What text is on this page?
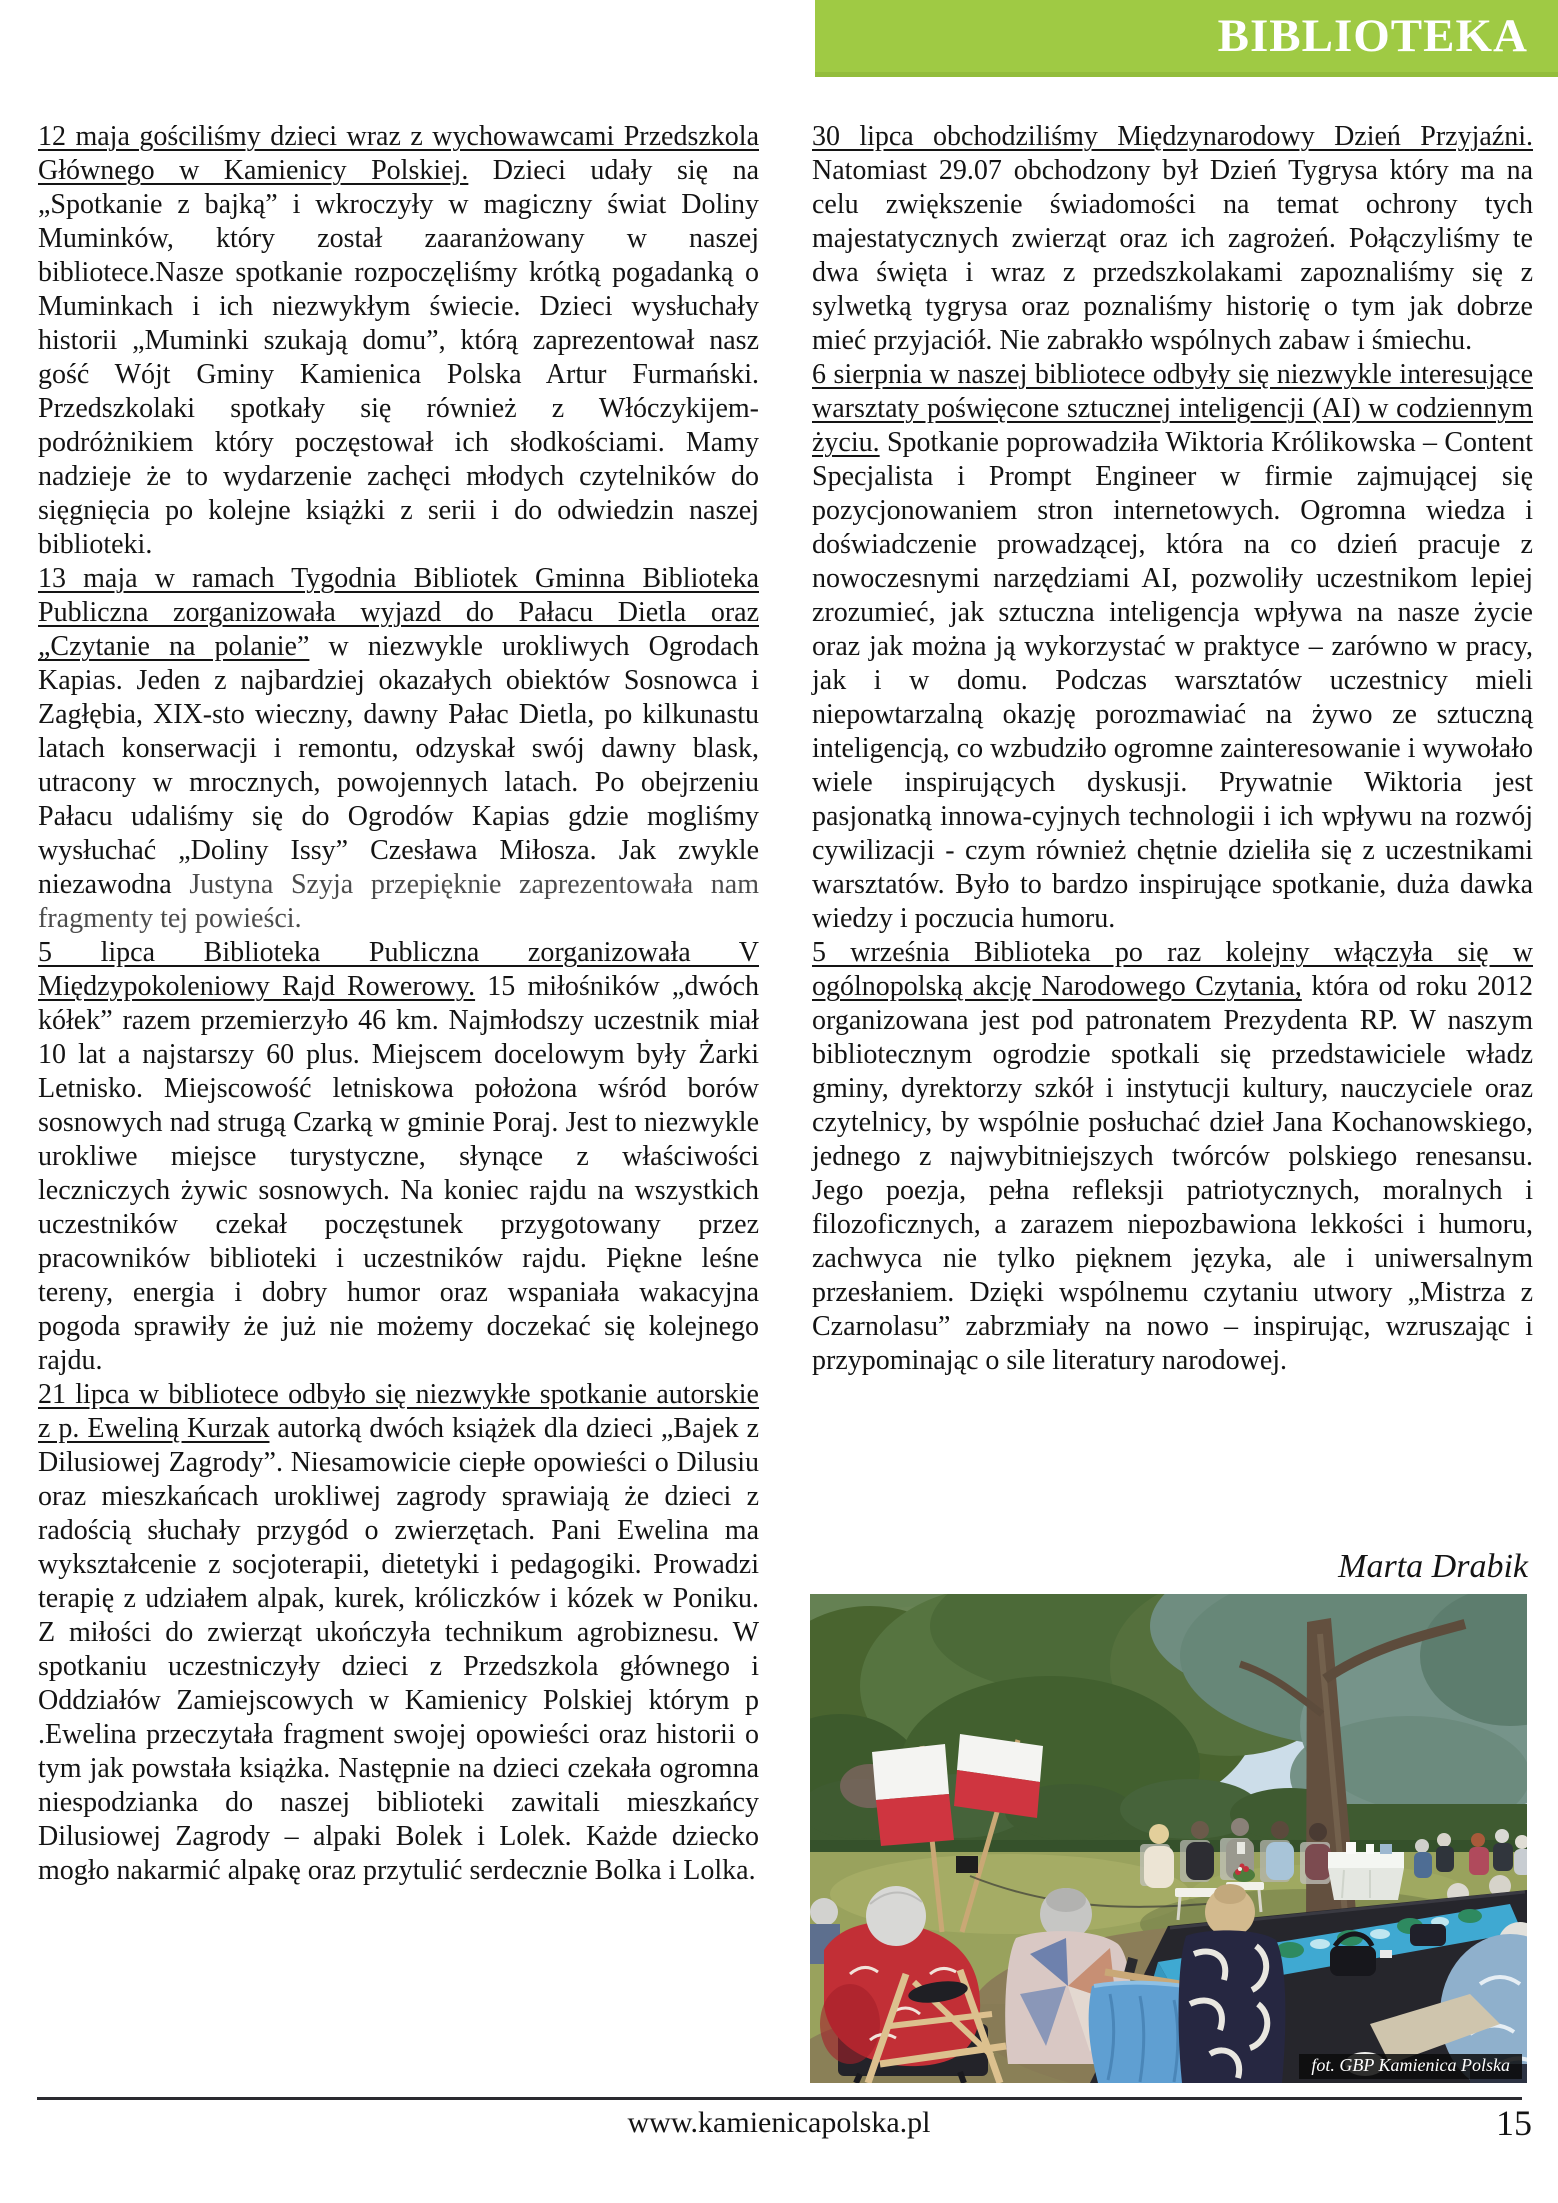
BIBLIOTEKA

12 maja gościliśmy dzieci wraz z wychowawcami Przedszkola Głównego w Kamienicy Polskiej. Dzieci udały się na „Spotkanie z bajką” i wkroczyły w magiczny świat Doliny Muminków, który został zaaranżowany w naszej bibliotece.Nasze spotkanie rozpoczęliśmy krótką pogadanką o Muminkach i ich niezwykłym świecie. Dzieci wysłuchały historii „Muminki szukają domu”, którą zaprezentował nasz gość Wójt Gminy Kamienica Polska Artur Furmański. Przedszkolaki spotkały się również z Włóczykijem- podróżnikiem który poczęstował ich słodkościami. Mamy nadzieje że to wydarzenie zachęci młodych czytelników do sięgnięcia po kolejne książki z serii i do odwiedzin naszej biblioteki.

13 maja w ramach Tygodnia Bibliotek Gminna Biblioteka Publiczna zorganizowała wyjazd do Pałacu Dietla oraz „Czytanie na polanie” w niezwykle urokliwych Ogrodach Kapias. Jeden z najbardziej okazałych obiektów Sosnowca i Zagłębia, XIX-sto wieczny, dawny Pałac Dietla, po kilkunastu latach konserwacji i remontu, odzyskał swój dawny blask, utracony w mrocznych, powojennych latach. Po obejrzeniu Pałacu udaliśmy się do Ogrodów Kapias gdzie mogliśmy wysłuchać „Doliny Issy” Czesława Miłosza. Jak zwykle niezawodna Justyna Szyja przepięknie zaprezentowała nam fragmenty tej powieści.

5 lipca Biblioteka Publiczna zorganizowała V Międzypokoleniowy Rajd Rowerowy. 15 miłośników „dwóch kółek” razem przemierzyło 46 km. Najmłodszy uczestnik miał 10 lat a najstarszy 60 plus. Miejscem docelowym były Żarki Letnisko. Miejscowość letniskowa położona wśród borów sosnowych nad strugą Czarką w gminie Poraj. Jest to niezwykle urokliwe miejsce turystyczne, słynące z właściwości leczniczych żywic sosnowych. Na koniec rajdu na wszystkich uczestników czekał poczęstunek przygotowany przez pracowników biblioteki i uczestników rajdu. Piękne leśne tereny, energia i dobry humor oraz wspaniała wakacyjna pogoda sprawiły że już nie możemy doczekać się kolejnego rajdu.

21 lipca w bibliotece odbyło się niezwykłe spotkanie autorskie z p. Eweliną Kurzak autorką dwóch książek dla dzieci „Bajek z Dilusiowej Zagrody”. Niesamowicie ciepłe opowieści o Dilusiu oraz mieszkańcach urokliwej zagrody sprawiają że dzieci z radością słuchały przygód o zwierzętach. Pani Ewelina ma wykształcenie z socjoterapii, dietetyki i pedagogiki. Prowadzi terapię z udziałem alpak, kurek, króliczków i kózek w Poniku. Z miłości do zwierząt ukończyła technikum agrobiznesu. W spotkaniu uczestniczyły dzieci z Przedszkola głównego i Oddziałów Zamiejscowych w Kamienicy Polskiej którym p .Ewelina przeczytała fragment swojej opowieści oraz historii o tym jak powstała książka. Następnie na dzieci czekała ogromna niespodzianka do naszej biblioteki zawitali mieszkańcy Dilusiowej Zagrody – alpaki Bolek i Lolek. Każde dziecko mogło nakarmić alpakę oraz przytulić serdecznie Bolka i Lolka.

30 lipca obchodziliśmy Międzynarodowy Dzień Przyjaźni. Natomiast 29.07 obchodzony był Dzień Tygrysa który ma na celu zwiększenie świadomości na temat ochrony tych majestatycznych zwierząt oraz ich zagrożeń. Połączyliśmy te dwa święta i wraz z przedszkolakami zapoznaliśmy się z sylwetką tygrysa oraz poznaliśmy historię o tym jak dobrze mieć przyjaciół. Nie zabrakło wspólnych zabaw i śmiechu.

6 sierpnia w naszej bibliotece odbyły się niezwykle interesujące warsztaty poświęcone sztucznej inteligencji (AI) w codziennym życiu. Spotkanie poprowadziła Wiktoria Królikowska – Content Specjalista i Prompt Engineer w firmie zajmującej się pozycjonowaniem stron internetowych. Ogromna wiedza i doświadczenie prowadzącej, która na co dzień pracuje z nowoczesnymi narzędziami AI, pozwoliły uczestnikom lepiej zrozumieć, jak sztuczna inteligencja wpływa na nasze życie oraz jak można ją wykorzystać w praktyce – zarówno w pracy, jak i w domu. Podczas warsztatów uczestnicy mieli niepowtarzalną okazję porozmawiać na żywo ze sztuczną inteligencją, co wzbudziło ogromne zainteresowanie i wywołało wiele inspirujących dyskusji. Prywatnie Wiktoria jest pasjonatką innowa-cyjnych technologii i ich wpływu na rozwój cywilizacji - czym również chętnie dzieliła się z uczestnikami warsztatów. Było to bardzo inspirujące spotkanie, duża dawka wiedzy i poczucia humoru.

5 września Biblioteka po raz kolejny włączyła się w ogólnopolską akcję Narodowego Czytania, która od roku 2012 organizowana jest pod patronatem Prezydenta RP. W naszym bibliotecznym ogrodzie spotkali się przedstawiciele władz gminy, dyrektorzy szkół i instytucji kultury, nauczyciele oraz czytelnicy, by wspólnie posłuchać dzieł Jana Kochanowskiego, jednego z najwybitniejszych twórców polskiego renesansu. Jego poezja, pełna refleksji patriotycznych, moralnych i filozoficznych, a zarazem niepozbawiona lekkości i humoru, zachwyca nie tylko pięknem języka, ale i uniwersalnym przesłaniem. Dzięki wspólnemu czytaniu utwory „Mistrza z Czarnolasu” zabrzmiały na nowo – inspirując, wzruszając i przypominając o sile literatury narodowej.

Marta Drabik
fot. GBP Kamienica Polska
www.kamienicapolska.pl	15
